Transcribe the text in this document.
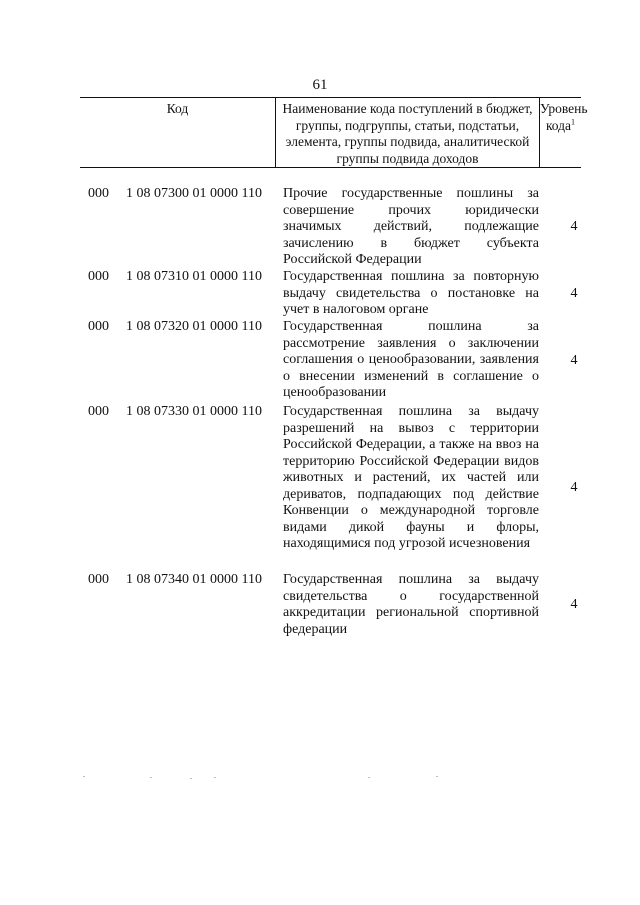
61
Код	Наименование кода поступлений в бюджет, группы, подгруппы, статьи, подстатьи, элемента, группы подвида, аналитической группы подвида доходов
Уровень кода$^1$
000 1 08 07300 01 0000 110 Прочие государственные пошлины за совершение прочих юридически значимых действий, подлежащие зачислению в бюджет субъекта Российской Федерации
4
000 1 08 07310 01 0000 110 Государственная пошлина за повторную выдачу свидетельства о постановке на учет в налоговом органе
4
000 1 08 07320 01 0000 110 Государственная пошлина за рассмотрение заявления о заключении соглашения о ценообразовании, заявления о внесении изменений в соглашение о ценообразовании
4
000 1 08 07330 01 0000 110 Государственная пошлина за выдачу разрешений на вывоз с территории Российской Федерации, а также на ввоз на территорию Российской Федерации видов животных и растений, их частей или дериватов, подпадающих под действие Конвенции о международной торговле видами дикой фауны и флоры, находящимися под угрозой исчезновения
4
000 1 08 07340 01 0000 110 Государственная пошлина за выдачу свидетельства о государственной аккредитации региональной спортивной федерации
4
